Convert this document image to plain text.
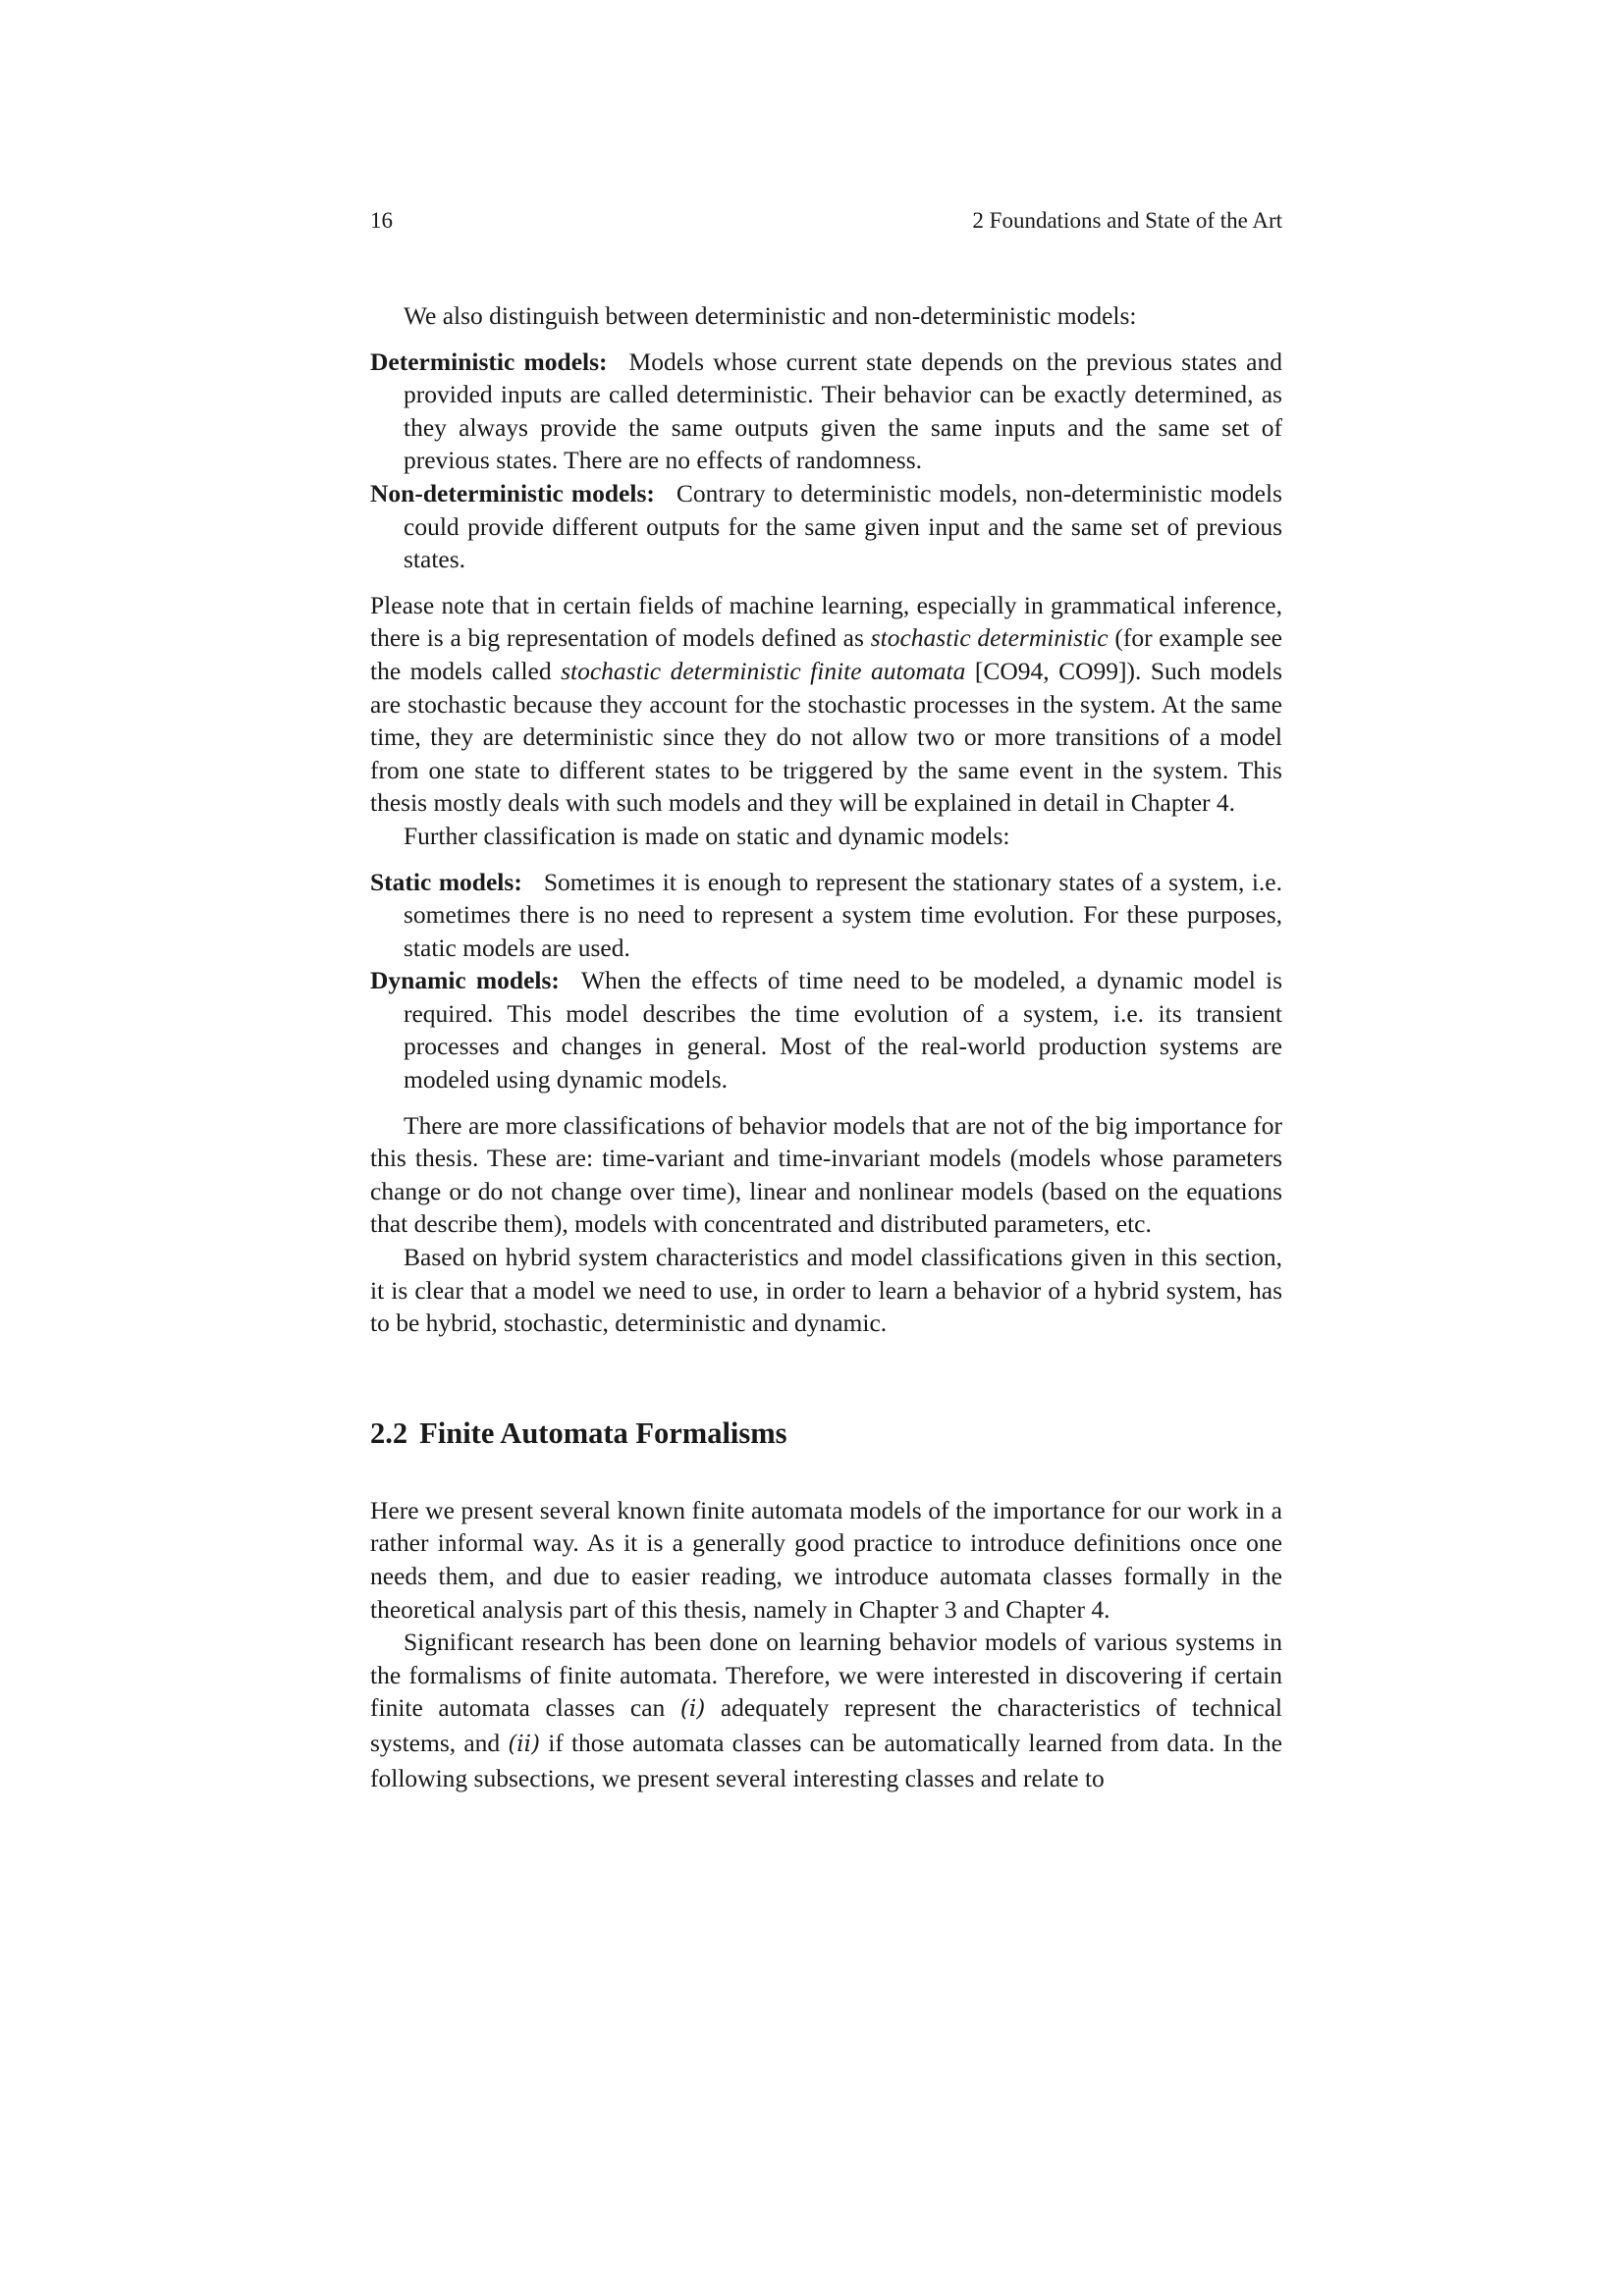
16	2 Foundations and State of the Art

We also distinguish between deterministic and non-deterministic models:

Deterministic models: Models whose current state depends on the previous states and provided inputs are called deterministic. Their behavior can be exactly determined, as they always provide the same outputs given the same inputs and the same set of previous states. There are no effects of randomness.

Non-deterministic models: Contrary to deterministic models, non-deterministic models could provide different outputs for the same given input and the same set of previous states.

Please note that in certain fields of machine learning, especially in grammatical inference, there is a big representation of models defined as stochastic deterministic (for example see the models called stochastic deterministic finite automata [CO94, CO99]). Such models are stochastic because they account for the stochastic processes in the system. At the same time, they are deterministic since they do not allow two or more transitions of a model from one state to different states to be triggered by the same event in the system. This thesis mostly deals with such models and they will be explained in detail in Chapter 4.

Further classification is made on static and dynamic models:

Static models: Sometimes it is enough to represent the stationary states of a system, i.e. sometimes there is no need to represent a system time evolution. For these purposes, static models are used.

Dynamic models: When the effects of time need to be modeled, a dynamic model is required. This model describes the time evolution of a system, i.e. its transient processes and changes in general. Most of the real-world production systems are modeled using dynamic models.

There are more classifications of behavior models that are not of the big importance for this thesis. These are: time-variant and time-invariant models (models whose parameters change or do not change over time), linear and nonlinear models (based on the equations that describe them), models with concentrated and distributed parameters, etc.

Based on hybrid system characteristics and model classifications given in this section, it is clear that a model we need to use, in order to learn a behavior of a hybrid system, has to be hybrid, stochastic, deterministic and dynamic.

2.2 Finite Automata Formalisms

Here we present several known finite automata models of the importance for our work in a rather informal way. As it is a generally good practice to introduce definitions once one needs them, and due to easier reading, we introduce automata classes formally in the theoretical analysis part of this thesis, namely in Chapter 3 and Chapter 4.

Significant research has been done on learning behavior models of various systems in the formalisms of finite automata. Therefore, we were interested in discovering if certain finite automata classes can (i) adequately represent the characteristics of technical systems, and (ii) if those automata classes can be automatically learned from data. In the following subsections, we present several interesting classes and relate to
